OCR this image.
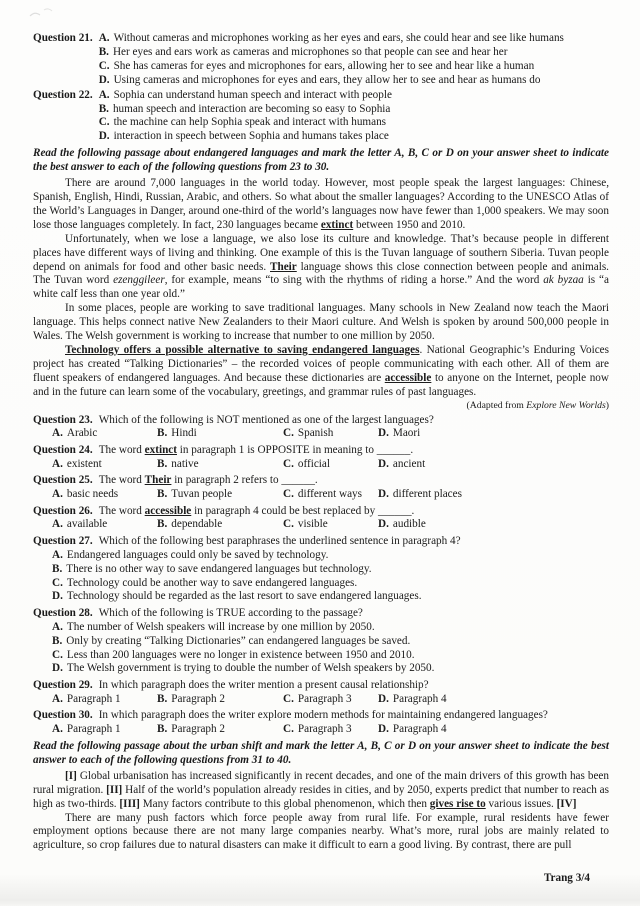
Question 21. A. Without cameras and microphones working as her eyes and ears, she could hear and see like humans
B. Her eyes and ears work as cameras and microphones so that people can see and hear her
C. She has cameras for eyes and microphones for ears, allowing her to see and hear like a human
D. Using cameras and microphones for eyes and ears, they allow her to see and hear as humans do
Question 22. A. Sophia can understand human speech and interact with people
B. human speech and interaction are becoming so easy to Sophia
C. the machine can help Sophia speak and interact with humans
D. interaction in speech between Sophia and humans takes place
Read the following passage about endangered languages and mark the letter A, B, C or D on your answer sheet to indicate the best answer to each of the following questions from 23 to 30.

There are around 7,000 languages in the world today. However, most people speak the largest languages: Chinese, Spanish, English, Hindi, Russian, Arabic, and others. So what about the smaller languages? According to the UNESCO Atlas of the World’s Languages in Danger, around one-third of the world’s languages now have fewer than 1,000 speakers. We may soon lose those languages completely. In fact, 230 languages became extinct between 1950 and 2010.

Unfortunately, when we lose a language, we also lose its culture and knowledge. That’s because people in different places have different ways of living and thinking. One example of this is the Tuvan language of southern Siberia. Tuvan people depend on animals for food and other basic needs. Their language shows this close connection between people and animals. The Tuvan word ezenggileer, for example, means “to sing with the rhythms of riding a horse.” And the word ak byzaa is “a white calf less than one year old.”

In some places, people are working to save traditional languages. Many schools in New Zealand now teach the Maori language. This helps connect native New Zealanders to their Maori culture. And Welsh is spoken by around 500,000 people in Wales. The Welsh government is working to increase that number to one million by 2050.

Technology offers a possible alternative to saving endangered languages. National Geographic’s Enduring Voices project has created “Talking Dictionaries” – the recorded voices of people communicating with each other. All of them are fluent speakers of endangered languages. And because these dictionaries are accessible to anyone on the Internet, people now and in the future can learn some of the vocabulary, greetings, and grammar rules of past languages.

(Adapted from Explore New Worlds)

Question 23. Which of the following is NOT mentioned as one of the largest languages?
A. Arabic	B. Hindi	C. Spanish	D. Maori
Question 24. The word extinct in paragraph 1 is OPPOSITE in meaning to ______.
A. existent	B. native	C. official	D. ancient
Question 25. The word Their in paragraph 2 refers to ______.
A. basic needs	B. Tuvan people	C. different ways	D. different places
Question 26. The word accessible in paragraph 4 could be best replaced by ______.
A. available	B. dependable	C. visible	D. audible
Question 27. Which of the following best paraphrases the underlined sentence in paragraph 4?
A. Endangered languages could only be saved by technology.
B. There is no other way to save endangered languages but technology.
C. Technology could be another way to save endangered languages.
D. Technology should be regarded as the last resort to save endangered languages.
Question 28. Which of the following is TRUE according to the passage?
A. The number of Welsh speakers will increase by one million by 2050.
B. Only by creating “Talking Dictionaries” can endangered languages be saved.
C. Less than 200 languages were no longer in existence between 1950 and 2010.
D. The Welsh government is trying to double the number of Welsh speakers by 2050.
Question 29. In which paragraph does the writer mention a present causal relationship?
A. Paragraph 1	B. Paragraph 2	C. Paragraph 3	D. Paragraph 4
Question 30. In which paragraph does the writer explore modern methods for maintaining endangered languages?
A. Paragraph 1	B. Paragraph 2	C. Paragraph 3	D. Paragraph 4
Read the following passage about the urban shift and mark the letter A, B, C or D on your answer sheet to indicate the best answer to each of the following questions from 31 to 40.

[I] Global urbanisation has increased significantly in recent decades, and one of the main drivers of this growth has been rural migration. [II] Half of the world’s population already resides in cities, and by 2050, experts predict that number to reach as high as two-thirds. [III] Many factors contribute to this global phenomenon, which then gives rise to various issues. [IV]

There are many push factors which force people away from rural life. For example, rural residents have fewer employment options because there are not many large companies nearby. What’s more, rural jobs are mainly related to agriculture, so crop failures due to natural disasters can make it difficult to earn a good living. By contrast, there are pull

Trang 3/4
